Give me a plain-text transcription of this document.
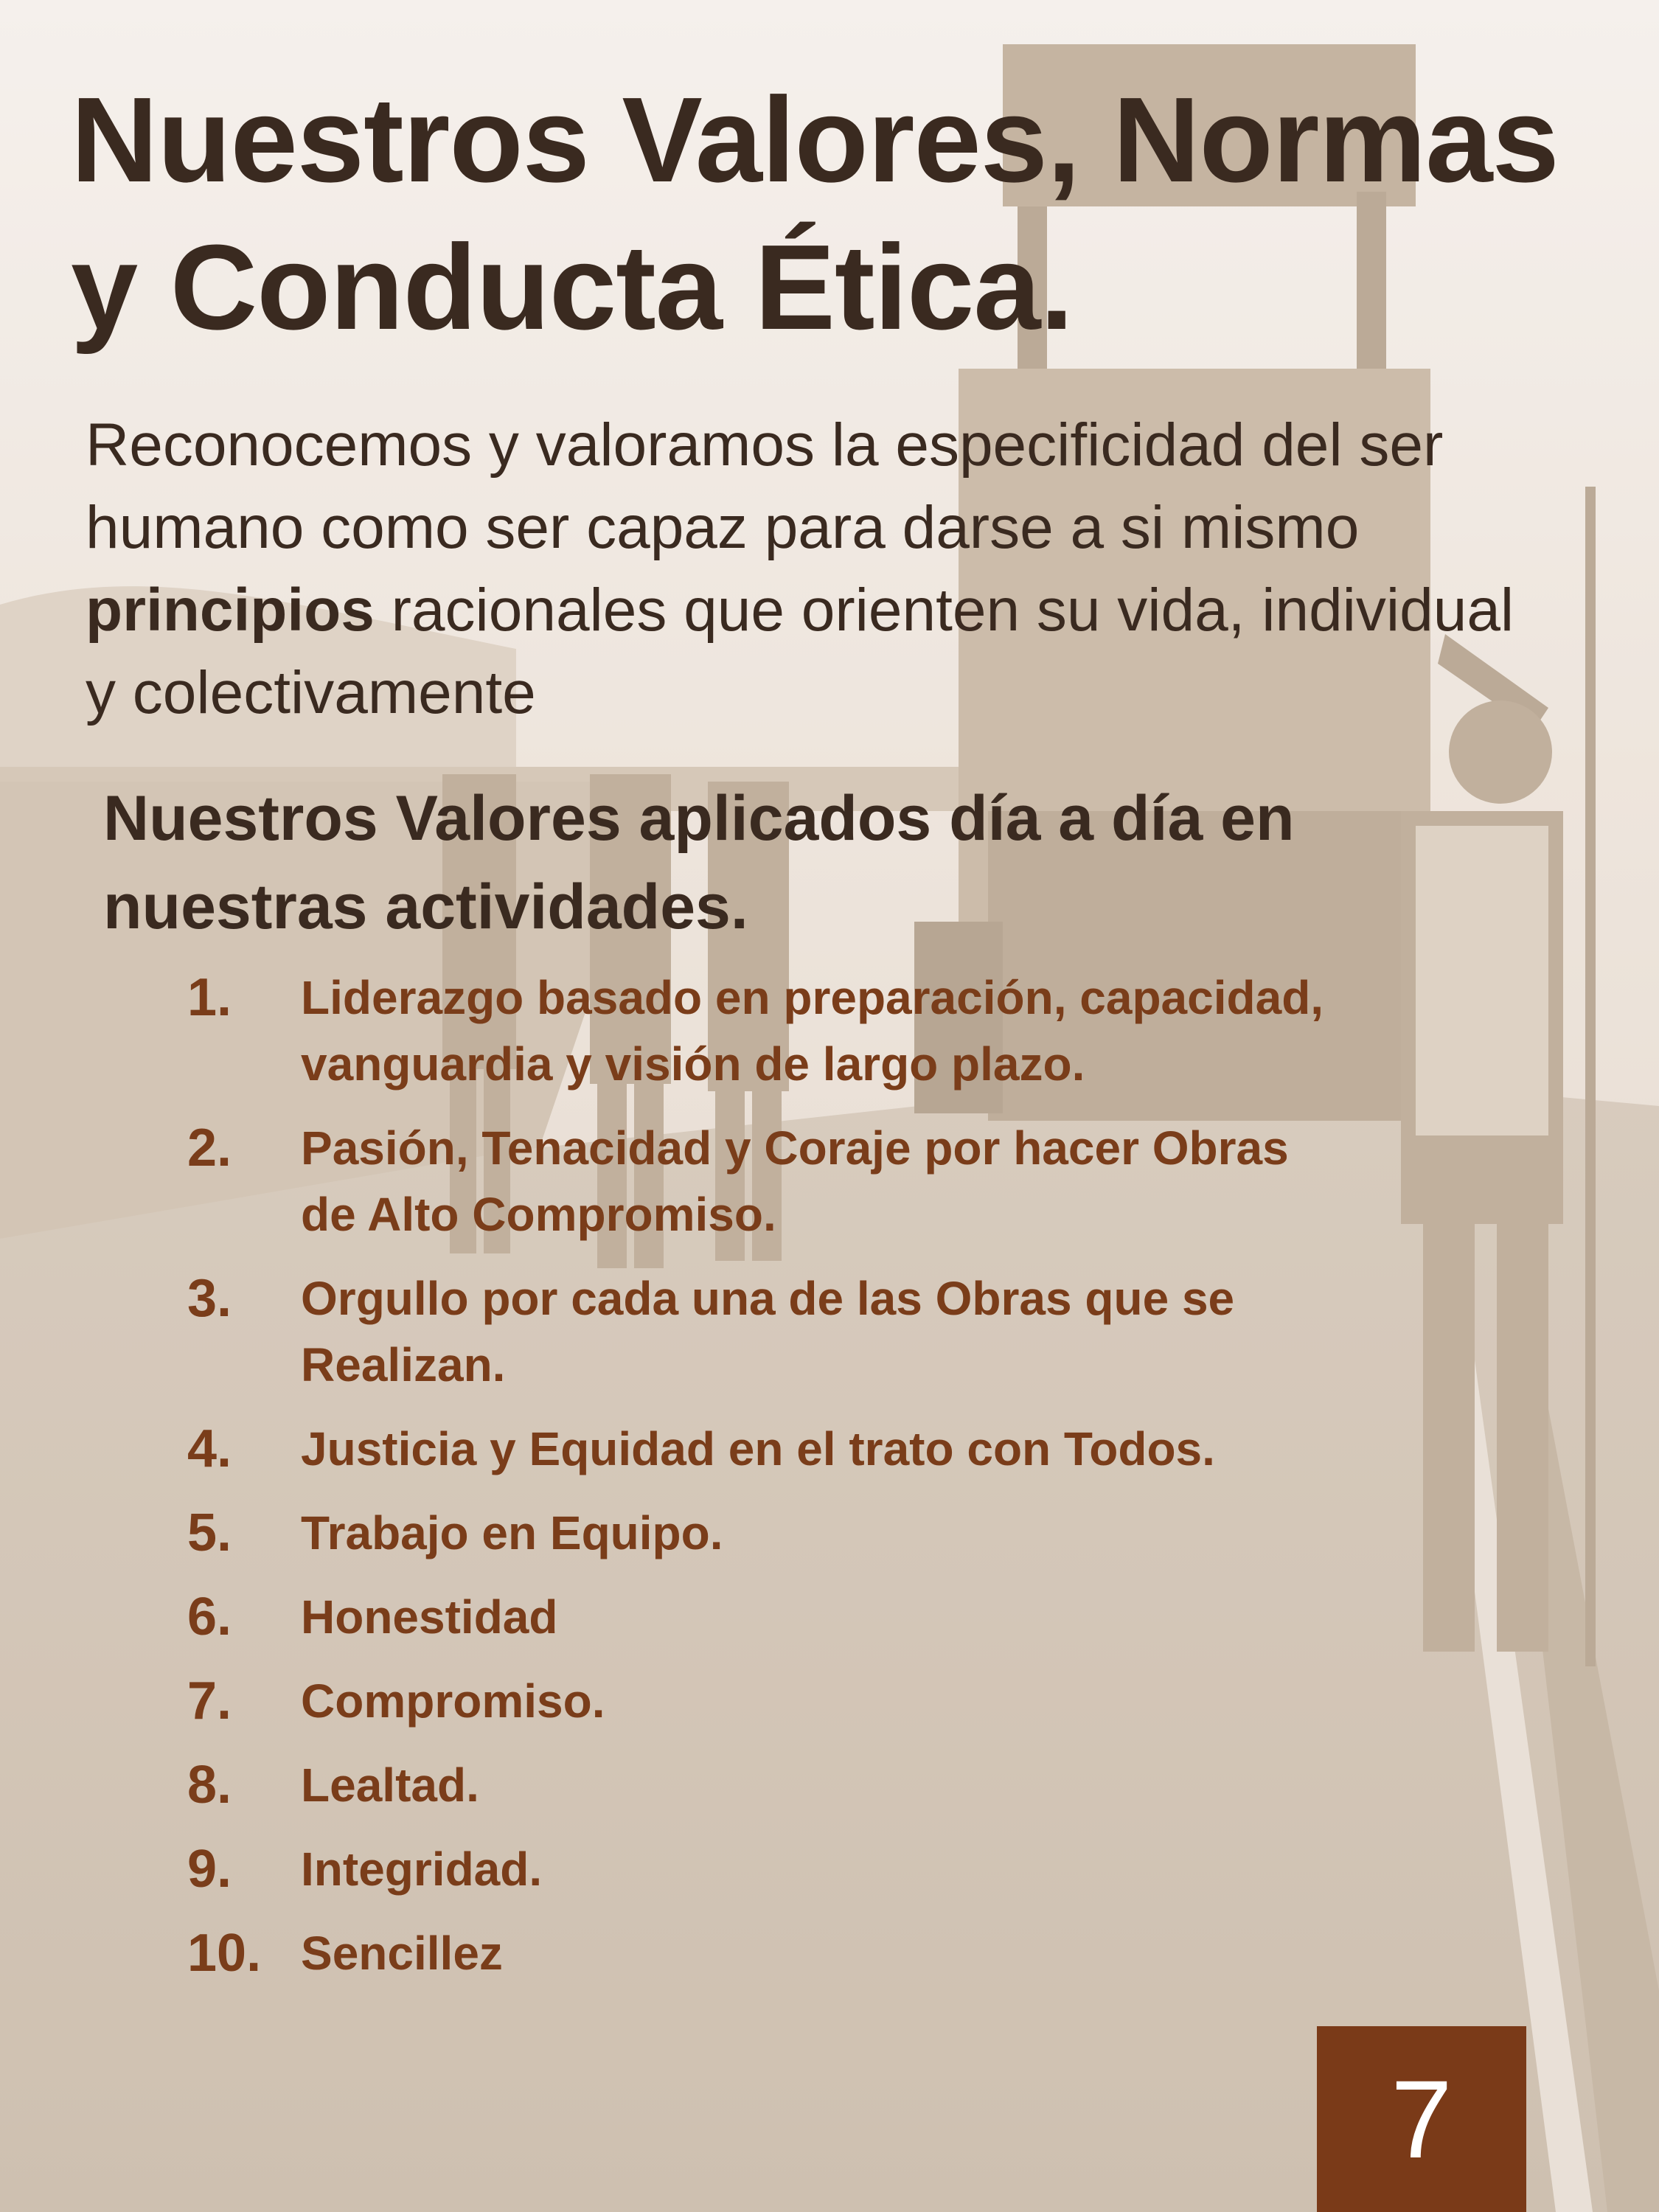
Nuestros Valores, Normas y Conducta Ética.

Reconocemos y valoramos la especificidad del ser humano como ser capaz para darse a si mismo principios racionales que orienten su vida, individual y colectivamente

Nuestros Valores aplicados día a día en nuestras actividades.
1.	Liderazgo basado en preparación, capacidad, vanguardia y visión de largo plazo.
2.	Pasión, Tenacidad y Coraje por hacer Obras de Alto Compromiso.
3.	Orgullo por cada una de las Obras que se Realizan.
4.	Justicia y Equidad en el trato con Todos.
5.	Trabajo en Equipo.
6.	Honestidad
7.	Compromiso.
8.	Lealtad.
9.	Integridad.
10. Sencillez
7
